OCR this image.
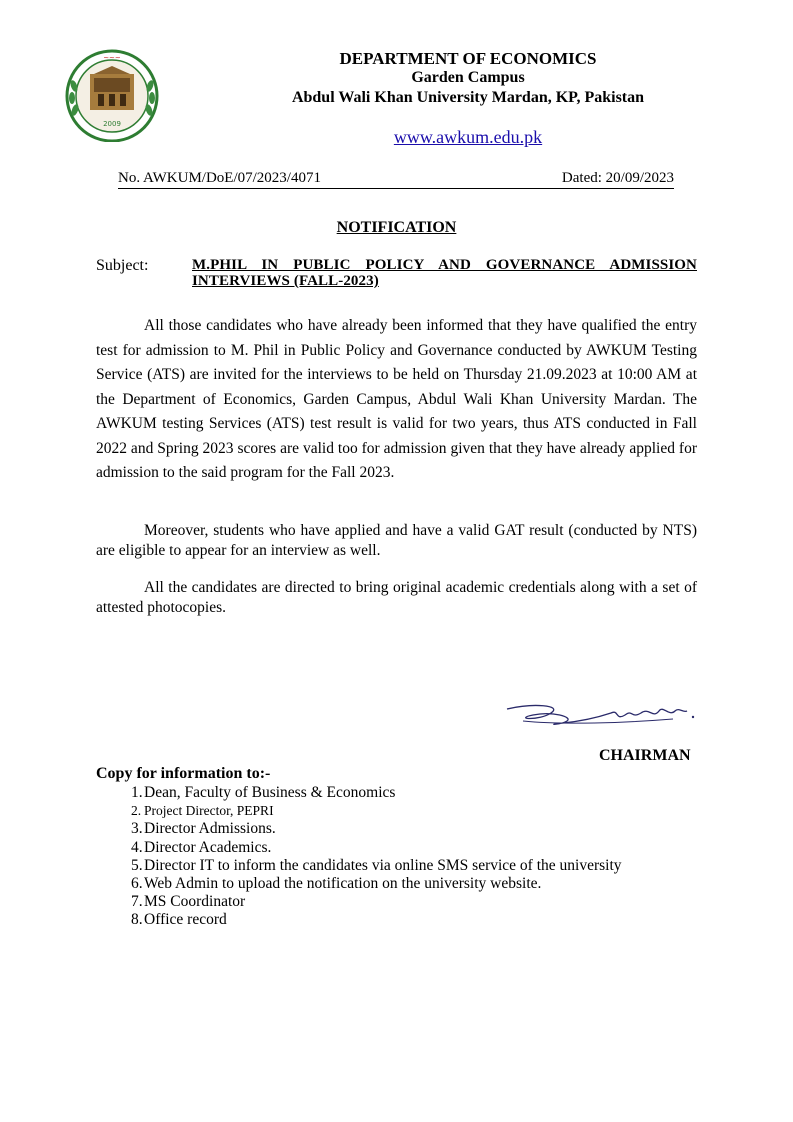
2009
~~~	DEPARTMENT OF ECONOMICS
Garden Campus
Abdul Wali Khan University Mardan, KP, Pakistan
www.awkum.edu.pk
No. AWKUM/DoE/07/2023/4071	Dated: 20/09/2023
NOTIFICATION
Subject:	M.PHIL IN PUBLIC POLICY AND GOVERNANCE ADMISSION INTERVIEWS (FALL-2023)
All those candidates who have already been informed that they have qualified the entry test for admission to M. Phil in Public Policy and Governance conducted by AWKUM Testing Service (ATS) are invited for the interviews to be held on Thursday 21.09.2023 at 10:00 AM at the Department of Economics, Garden Campus, Abdul Wali Khan University Mardan. The AWKUM testing Services (ATS) test result is valid for two years, thus ATS conducted in Fall 2022 and Spring 2023 scores are valid too for admission given that they have already applied for admission to the said program for the Fall 2023.
Moreover, students who have applied and have a valid GAT result (conducted by NTS) are eligible to appear for an interview as well.
All the candidates are directed to bring original academic credentials along with a set of attested photocopies.
CHAIRMAN
Copy for information to:-
1.Dean, Faculty of Business & Economics
2. Project Director, PEPRI
3.Director Admissions.
4.Director Academics.
5.Director IT to inform the candidates via online SMS service of the university
6.Web Admin to upload the notification on the university website.
7.MS Coordinator
8.Office record
